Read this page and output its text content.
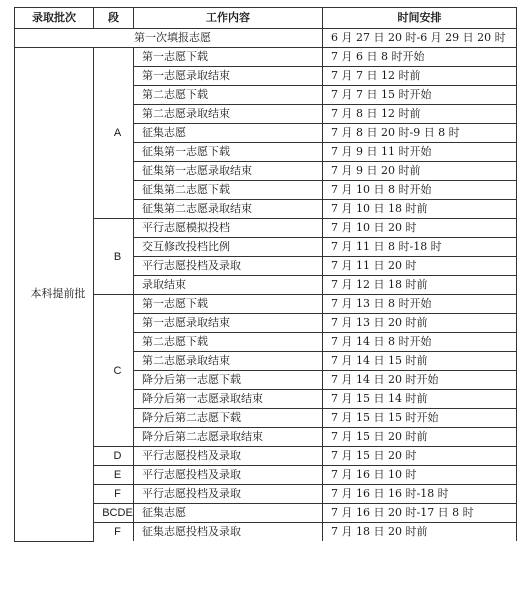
录取批次	段	工作内容	时间安排
第一次填报志愿			6 月 27 日 20 时-6 月 29 日 20 时
本科提前批	A	第一志愿下载	7 月 6 日 8 时开始
		第一志愿录取结束	7 月 7 日 12 时前
		第二志愿下载	7 月 7 日 15 时开始
		第二志愿录取结束	7 月 8 日 12 时前
		征集志愿	7 月 8 日 20 时-9 日 8 时
		征集第一志愿下载	7 月 9 日 11 时开始
		征集第一志愿录取结束	7 月 9 日 20 时前
		征集第二志愿下载	7 月 10 日 8 时开始
		征集第二志愿录取结束	7 月 10 日 18 时前
	B	平行志愿模拟投档	7 月 10 日 20 时
		交互修改投档比例	7 月 11 日 8 时-18 时
		平行志愿投档及录取	7 月 11 日 20 时
		录取结束	7 月 12 日 18 时前
	C	第一志愿下载	7 月 13 日 8 时开始
		第一志愿录取结束	7 月 13 日 20 时前
		第二志愿下载	7 月 14 日 8 时开始
		第二志愿录取结束	7 月 14 日 15 时前
		降分后第一志愿下载	7 月 14 日 20 时开始
		降分后第一志愿录取结束	7 月 15 日 14 时前
		降分后第二志愿下载	7 月 15 日 15 时开始
		降分后第二志愿录取结束	7 月 15 日 20 时前
	D	平行志愿投档及录取	7 月 15 日 20 时
	E	平行志愿投档及录取	7 月 16 日 10 时
	F	平行志愿投档及录取	7 月 16 日 16 时-18 时
	BCDE	征集志愿	7 月 16 日 20 时-17 日 8 时
	F	征集志愿投档及录取	7 月 18 日 20 时前
